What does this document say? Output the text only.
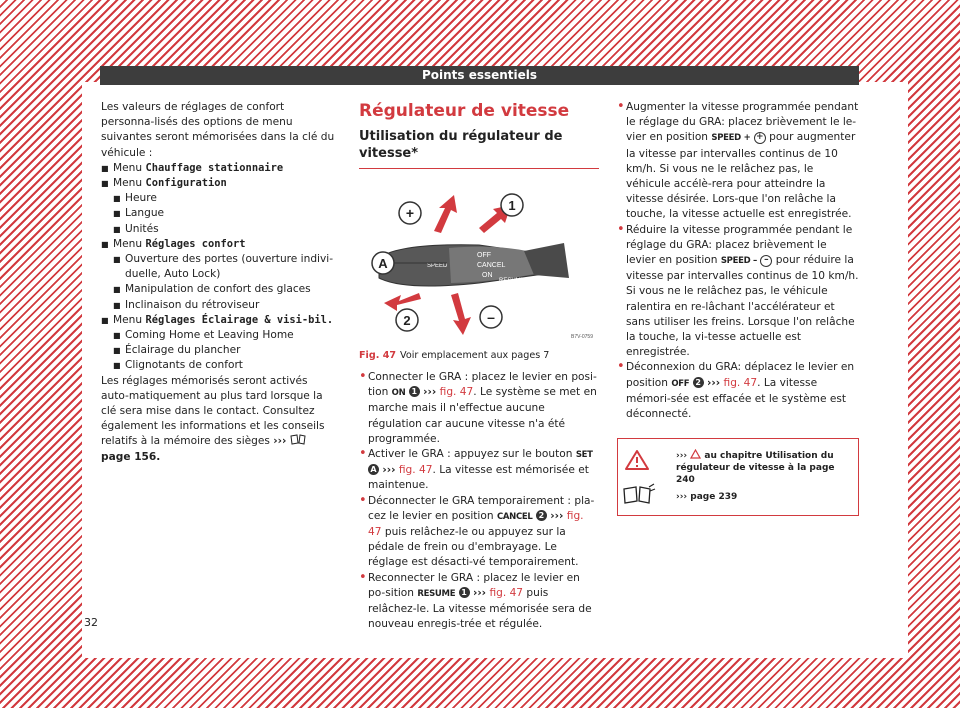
Points essentiels

Les valeurs de réglages de confort personna-lisés des options de menu suivantes seront mémorisées dans la clé du véhicule :

■ Menu Chauffage stationnaire
■ Menu Configuration
■ Heure
■ Langue
■ Unités
■ Menu Réglages confort
■ Ouverture des portes (ouverture indivi-duelle, Auto Lock)
■ Manipulation de confort des glaces
■ Inclinaison du rétroviseur
■ Menu Réglages Éclairage & visi-bil.
■ Coming Home et Leaving Home
■ Éclairage du plancher
■ Clignotants de confort

Les réglages mémorisés seront activés auto-matiquement au plus tard lorsque la clé sera mise dans le contact. Consultez également les informations et les conseils relatifs à la mémoire des sièges ›››  page 156.

Régulateur de vitesse
Utilisation du régulateur de vitesse*
OFF
CANCEL
ON
RESUME
SPEED
+	1
A
2	–
B7V-0759
Fig. 47 Voir emplacement aux pages 7

• Connecter le GRA : placez le levier en posi-tion ON 1 ››› fig. 47. Le système se met en marche mais il n'effectue aucune régulation car aucune vitesse n'a été programmée.

• Activer le GRA : appuyez sur le bouton SET A ››› fig. 47. La vitesse est mémorisée et maintenue.

• Déconnecter le GRA temporairement : pla-cez le levier en position CANCEL 2 ››› fig. 47 puis relâchez-le ou appuyez sur la pédale de frein ou d'embrayage. Le réglage est désacti-vé temporairement.

• Reconnecter le GRA : placez le levier en po-sition RESUME 1 ››› fig. 47 puis relâchez-le. La vitesse mémorisée sera de nouveau enregis-trée et régulée.

• Augmenter la vitesse programmée pendant le réglage du GRA: placez brièvement le le-vier en position SPEED + + pour augmenter la vitesse par intervalles continus de 10 km/h. Si vous ne le relâchez pas, le véhicule accélè-rera pour atteindre la vitesse désirée. Lors-que l'on relâche la touche, la vitesse actuelle est enregistrée.

• Réduire la vitesse programmée pendant le réglage du GRA: placez brièvement le levier en position SPEED – – pour réduire la vitesse par intervalles continus de 10 km/h. Si vous ne le relâchez pas, le véhicule ralentira en re-lâchant l'accélérateur et sans utiliser les freins. Lorsque l'on relâche la touche, la vi-tesse actuelle est enregistrée.

• Déconnexion du GRA: déplacez le levier en position OFF 2 ››› fig. 47. La vitesse mémori-sée est effacée et le système est déconnecté.

››› au chapitre Utilisation du régulateur de vitesse à la page 240
››› page 239
32
